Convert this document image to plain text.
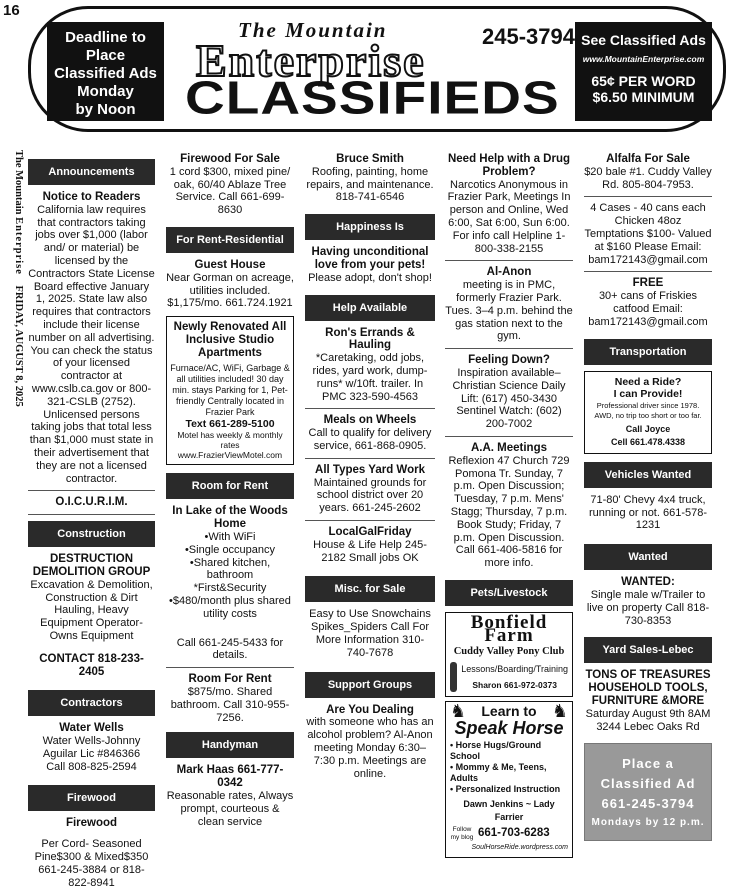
16
Deadline to Place
Classified Ads
Monday
by Noon
The Mountain
Enterprise	245-3794
CLASSIFIEDS
See Classified Ads
www.MountainEnterprise.com
65¢ PER WORD
$6.50 MINIMUM
The Mountain Enterprise    FRIDAY, AUGUST 8, 2025
Announcements
Notice to Readers
California law requires that contractors taking jobs over $1,000 (labor and/ or material) be licensed by the Contractors State License Board effective January 1, 2025. State law also requires that contractors include their license number on all advertising. You can check the status of your licensed contractor at www.cslb.ca.gov or 800-321-CSLB (2752). Unlicensed persons taking jobs that total less than $1,000 must state in their advertisement that they are not a licensed contractor.
O.I.C.U.R.I.M.
Construction
DESTRUCTION DEMOLITION GROUP
Excavation & Demolition, Construction & Dirt Hauling, Heavy Equipment Operator-Owns Equipment
CONTACT 818-233-2405
Contractors
Water Wells
Water Wells-Johnny Aguilar Lic #846366 Call 808-825-2594
Firewood
Firewood
Per Cord- Seasoned Pine$300 & Mixed$350 661-245-3884 or 818-822-8941
Firewood For Sale
1 cord $300, mixed pine/ oak, 60/40 Ablaze Tree Service. Call 661-699-8630
For Rent-Residential
Guest House
Near Gorman on acreage, utilities included. $1,175/mo. 661.724.1921
Newly Renovated All Inclusive Studio Apartments
Furnace/AC, WiFi, Garbage & all utilities included! 30 day min. stays Parking for 1, Pet-friendly Centrally located in Frazier Park
Text 661-289-5100
Motel has weekly & monthly rates www.FrazierViewMotel.com
Room for Rent
In Lake of the Woods Home
•With WiFi
•Single occupancy
•Shared kitchen, bathroom
*First&Security
•$480/month plus shared utility costs
Call 661-245-5433 for details.
Room For Rent
$875/mo. Shared bathroom. Call 310-955-7256.
Handyman
Mark Haas 661-777-0342
Reasonable rates, Always prompt, courteous & clean service
Bruce Smith
Roofing, painting, home repairs, and maintenance. 818-741-6546
Happiness Is
Having unconditional love from your pets!
Please adopt, don't shop!
Help Available
Ron's Errands & Hauling
*Caretaking, odd jobs, rides, yard work, dump-runs* w/10ft. trailer. In PMC 323-590-4563
Meals on Wheels
Call to qualify for delivery service, 661-868-0905.
All Types Yard Work
Maintained grounds for school district over 20 years. 661-245-2602
LocalGalFriday
House & Life Help 245-2182 Small jobs OK
Misc. for Sale
Easy to Use Snowchains Spikes_Spiders Call For More Information 310-740-7678
Support Groups
Are You Dealing
with someone who has an alcohol problem? Al-Anon meeting Monday 6:30–7:30 p.m. Meetings are online.
Need Help with a Drug Problem?
Narcotics Anonymous in Frazier Park, Meetings In person and Online, Wed 6:00, Sat 6:00, Sun 6:00. For info call Helpline 1-800-338-2155
Al-Anon
meeting is in PMC, formerly Frazier Park. Tues. 3–4 p.m. behind the gas station next to the gym.
Feeling Down?
Inspiration available– Christian Science Daily Lift: (617) 450-3430 Sentinel Watch: (602) 200-7002
A.A. Meetings
Reflexion 47 Church 729 Pomona Tr. Sunday, 7 p.m. Open Discussion; Tuesday, 7 p.m. Mens' Stagg; Thursday, 7 p.m. Book Study; Friday, 7 p.m. Open Discussion. Call 661-406-5816 for more info.
Pets/Livestock
Bonfield Farm
Cuddy Valley Pony Club
Lessons/Boarding/Training
Sharon 661-972-0373
♞ Learn to ♞
Speak Horse
• Horse Hugs/Ground School
• Mommy & Me, Teens, Adults
• Personalized Instruction
Dawn Jenkins ~ Lady Farrier
Follow my blog 661-703-6283
SoulHorseRide.wordpress.com
Alfalfa For Sale
$20 bale #1. Cuddy Valley Rd. 805-804-7953.
4 Cases - 40 cans each Chicken 48oz Temptations $100- Valued at $160 Please Email: bam172143@gmail.com
FREE
30+ cans of Friskies catfood Email: bam172143@gmail.com
Transportation
Need a Ride?
I can Provide!
Professional driver since 1978. AWD, no trip too short or too far.
Call Joyce
Cell 661.478.4338
Vehicles Wanted
71-80' Chevy 4x4 truck, running or not. 661-578-1231
Wanted
WANTED:
Single male w/Trailer to live on property Call 818-730-8353
Yard Sales-Lebec
TONS OF TREASURES HOUSEHOLD TOOLS, FURNITURE &MORE
Saturday August 9th 8AM 3244 Lebec Oaks Rd
Place a
Classified Ad
661-245-3794
Mondays by 12 p.m.
